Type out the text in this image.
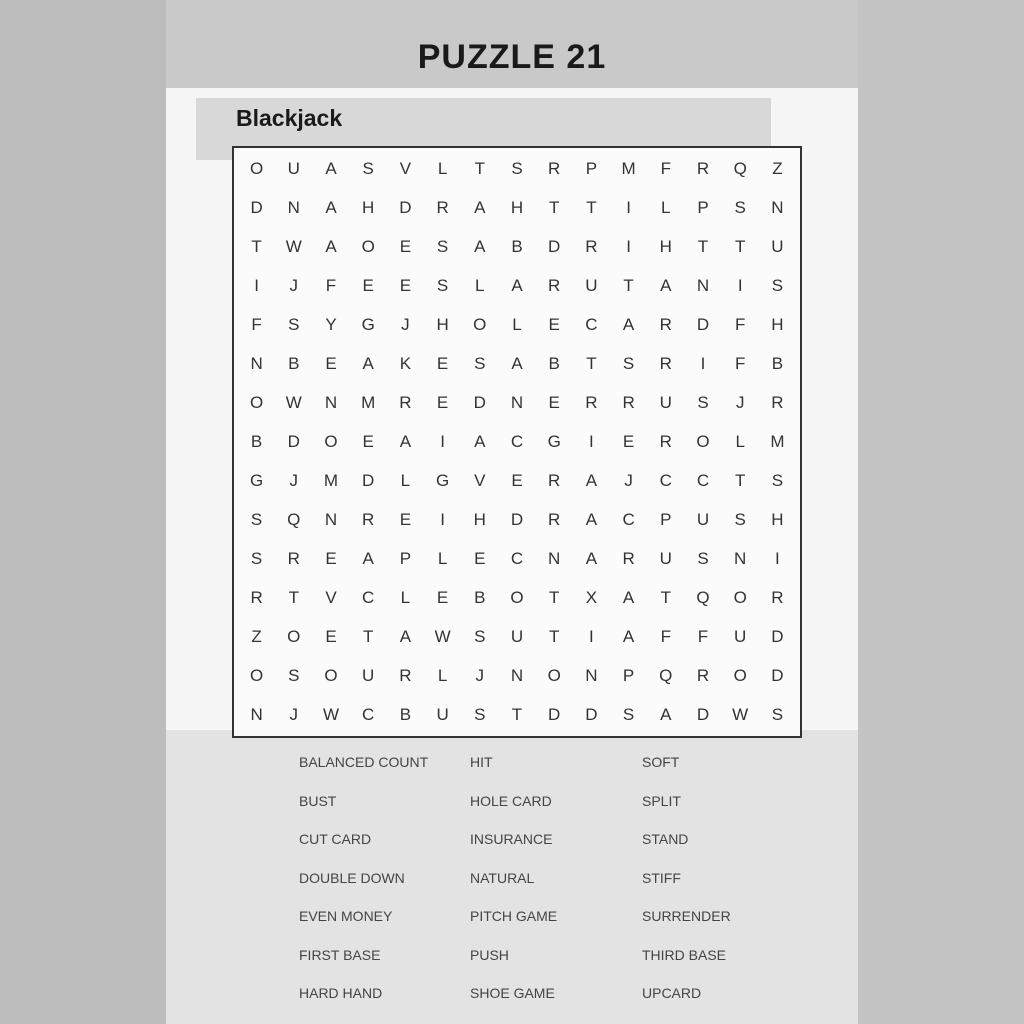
PUZZLE 21
Blackjack
O	U	A	S	V	L	T	S	R	P	M	F	R	Q	Z
D	N	A	H	D	R	A	H	T	T	I	L	P	S	N
T	W	A	O	E	S	A	B	D	R	I	H	T	T	U
I	J	F	E	E	S	L	A	R	U	T	A	N	I	S
F	S	Y	G	J	H	O	L	E	C	A	R	D	F	H
N	B	E	A	K	E	S	A	B	T	S	R	I	F	B
O	W	N	M	R	E	D	N	E	R	R	U	S	J	R
B	D	O	E	A	I	A	C	G	I	E	R	O	L	M
G	J	M	D	L	G	V	E	R	A	J	C	C	T	S
S	Q	N	R	E	I	H	D	R	A	C	P	U	S	H
S	R	E	A	P	L	E	C	N	A	R	U	S	N	I
R	T	V	C	L	E	B	O	T	X	A	T	Q	O	R
Z	O	E	T	A	W	S	U	T	I	A	F	F	U	D
O	S	O	U	R	L	J	N	O	N	P	Q	R	O	D
N	J	W	C	B	U	S	T	D	D	S	A	D	W	S
BALANCED COUNT
BUST
CUT CARD
DOUBLE DOWN
EVEN MONEY
FIRST BASE
HARD HAND
HIT
HOLE CARD
INSURANCE
NATURAL
PITCH GAME
PUSH
SHOE GAME
SOFT
SPLIT
STAND
STIFF
SURRENDER
THIRD BASE
UPCARD
